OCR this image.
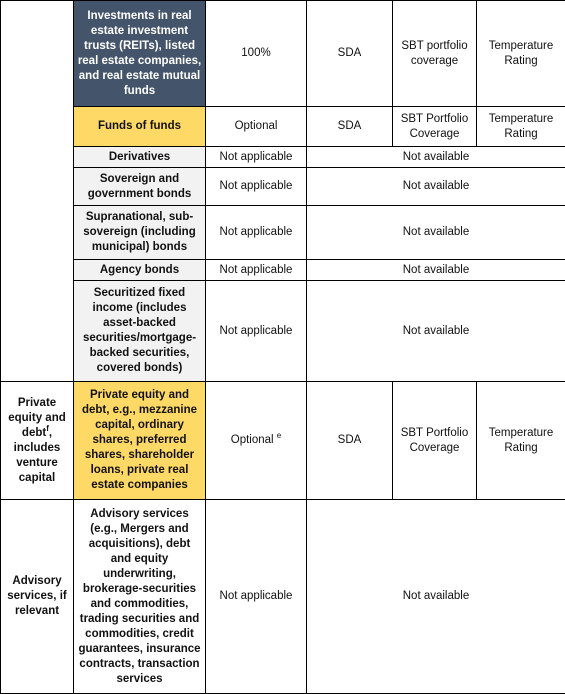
	Investments in real estate investment trusts (REITs), listed real estate companies, and real estate mutual funds	100%	SDA	SBT portfolio coverage	Temperature Rating
	Funds of funds	Optional	SDA	SBT Portfolio Coverage	Temperature Rating
	Derivatives	Not applicable	Not available		
	Sovereign and government bonds	Not applicable	Not available		
	Supranational, sub-sovereign (including municipal) bonds	Not applicable	Not available		
	Agency bonds	Not applicable	Not available		
	Securitized fixed income (includes asset-backed securities/mortgage-backed securities, covered bonds)	Not applicable	Not available		
Private equity and debt$^f$, includes venture capital	Private equity and debt, e.g., mezzanine capital, ordinary shares, preferred shares, shareholder loans, private real estate companies	Optional $^e$	SDA	SBT Portfolio Coverage	Temperature Rating
Advisory services, if relevant	Advisory services (e.g., Mergers and acquisitions), debt and equity underwriting, brokerage-securities and commodities, trading securities and commodities, credit guarantees, insurance contracts, transaction services	Not applicable	Not available		
